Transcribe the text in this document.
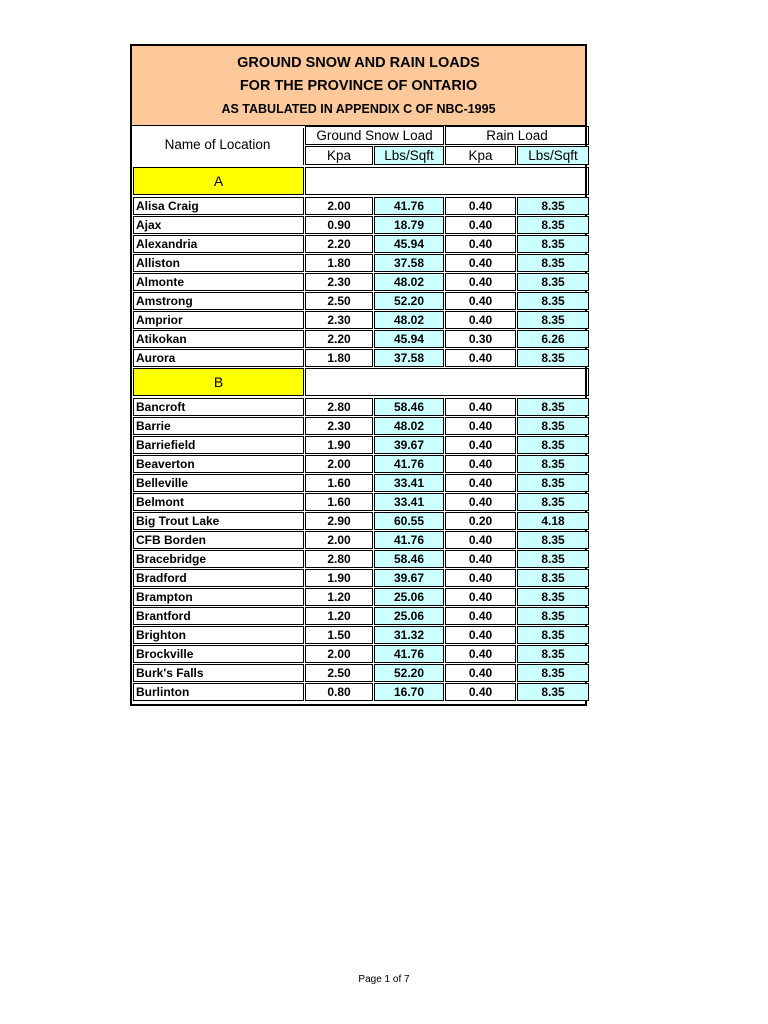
GROUND SNOW AND RAIN LOADS
FOR THE PROVINCE OF ONTARIO
AS TABULATED IN APPENDIX C OF NBC-1995
Name of Location	Ground Snow Load		Rain Load	

	Kpa	Lbs/Sqft	Kpa	Lbs/Sqft

A				

Alisa Craig	2.00	41.76	0.40	8.35

Ajax	0.90	18.79	0.40	8.35

Alexandria	2.20	45.94	0.40	8.35

Alliston	1.80	37.58	0.40	8.35

Almonte	2.30	48.02	0.40	8.35

Amstrong	2.50	52.20	0.40	8.35

Amprior	2.30	48.02	0.40	8.35

Atikokan	2.20	45.94	0.30	6.26

Aurora	1.80	37.58	0.40	8.35

B				

Bancroft	2.80	58.46	0.40	8.35

Barrie	2.30	48.02	0.40	8.35

Barriefield	1.90	39.67	0.40	8.35

Beaverton	2.00	41.76	0.40	8.35

Belleville	1.60	33.41	0.40	8.35

Belmont	1.60	33.41	0.40	8.35

Big Trout Lake	2.90	60.55	0.20	4.18

CFB Borden	2.00	41.76	0.40	8.35

Bracebridge	2.80	58.46	0.40	8.35

Bradford	1.90	39.67	0.40	8.35

Brampton	1.20	25.06	0.40	8.35

Brantford	1.20	25.06	0.40	8.35

Brighton	1.50	31.32	0.40	8.35

Brockville	2.00	41.76	0.40	8.35

Burk's Falls	2.50	52.20	0.40	8.35

Burlinton	0.80	16.70	0.40	8.35

Page 1 of 7
